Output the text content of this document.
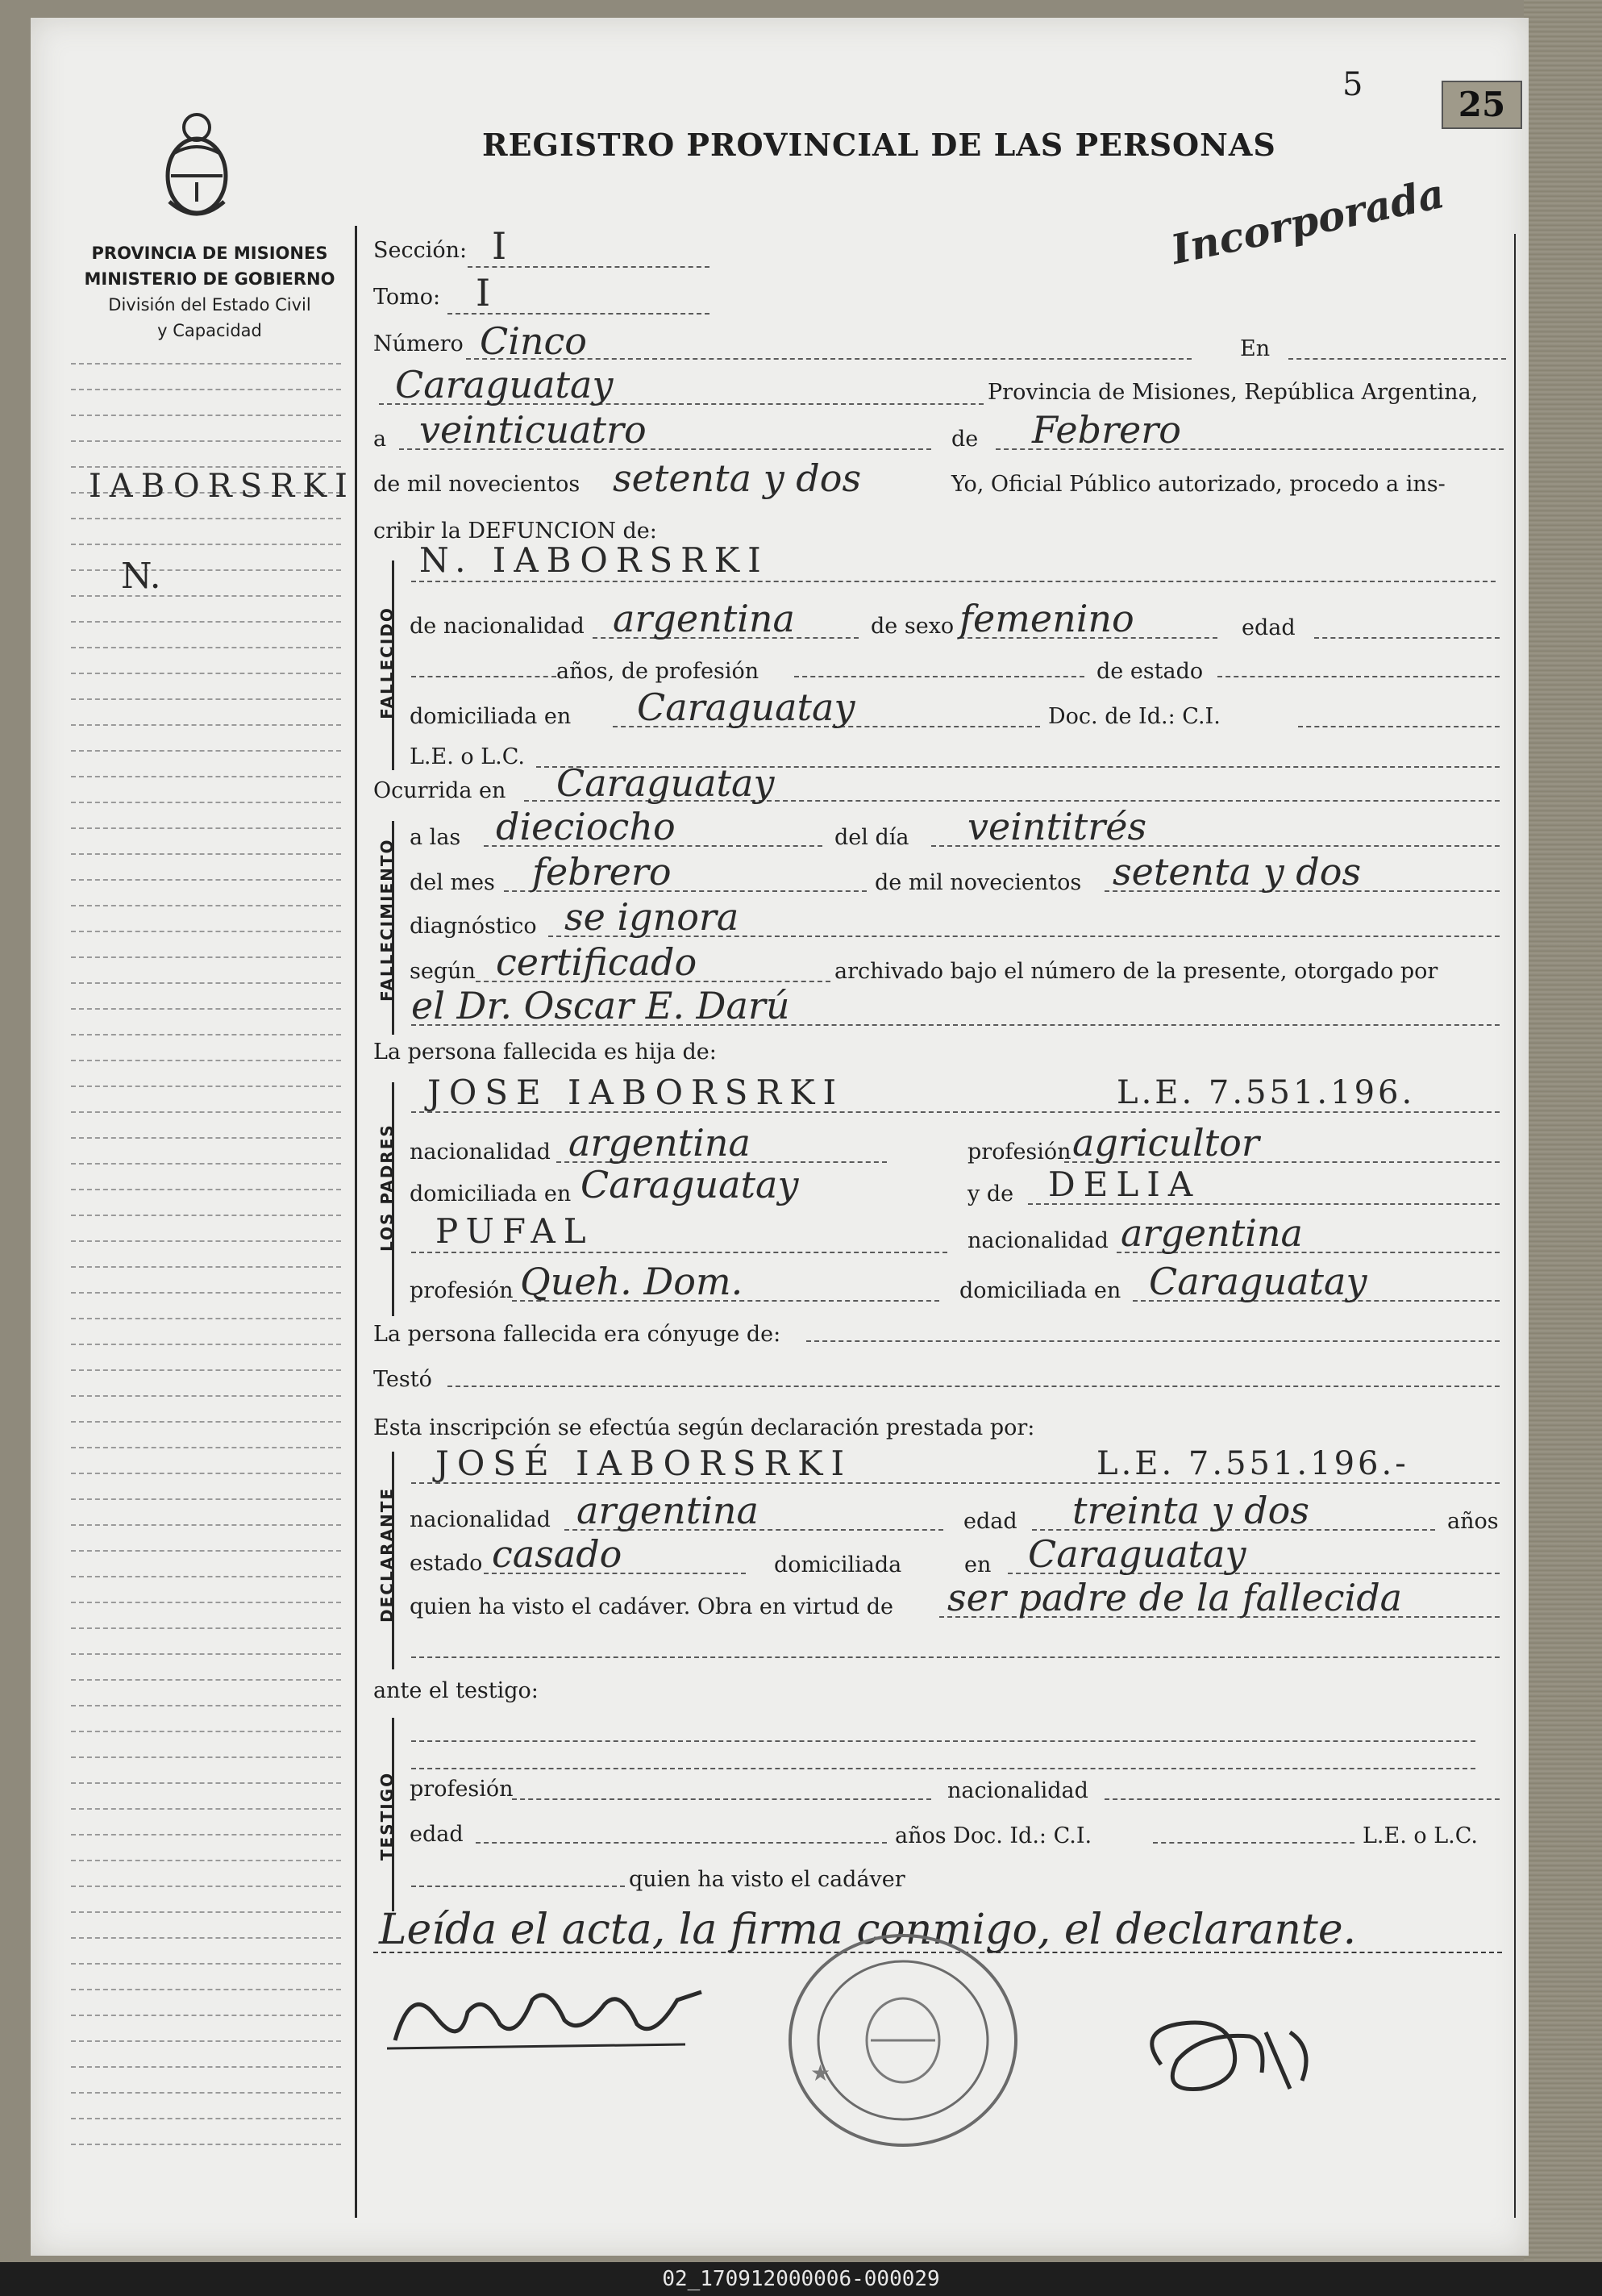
REGISTRO PROVINCIAL DE LAS PERSONAS
5	25
Incorporada
PROVINCIA DE MISIONES
MINISTERIO DE GOBIERNO
División del Estado Civil
y Capacidad
IABORSRKI
N.
Sección: I
Tomo: I
Número Cinco	En
Caraguatay	Provincia de Misiones, República Argentina,
a veinticuatro	de Febrero
de mil novecientos setenta y dos	Yo, Oficial Público autorizado, procedo a ins-
cribir la DEFUNCION de:
FALLECIDO
N. IABORSRKI
de nacionalidad argentina	de sexo femenino	edad
años, de profesión	de estado
domiciliada en Caraguatay	Doc. de Id.: C.I.
L.E. o L.C.
Ocurrida en Caraguatay
FALLECIMIENTO
a las dieciocho	del día veintitrés
del mes febrero	de mil novecientos setenta y dos
diagnóstico se ignora
según certificado	archivado bajo el número de la presente, otorgado por
el Dr. Oscar E. Darú
La persona fallecida es hija de:
LOS PADRES
JOSE IABORSRKI	L.E. 7.551.196.
nacionalidad argentina	profesión agricultor
domiciliada en Caraguatay	y de DELIA
PUFAL	nacionalidad argentina
profesión Queh. Dom.	domiciliada en Caraguatay
La persona fallecida era cónyuge de:
Testó
Esta inscripción se efectúa según declaración prestada por:
DECLARANTE
JOSÉ IABORSRKI	L.E. 7.551.196.-
nacionalidad argentina	edad treinta y dos	años
estado casado	domiciliada	en Caraguatay
quien ha visto el cadáver. Obra en virtud de ser padre de la fallecida
ante el testigo:
TESTIGO profesión	nacionalidad
edad	años Doc. Id.: C.I.	L.E. o L.C.
quien ha visto el cadáver
Leída el acta, la firma conmigo, el declarante.
★
02_170912000006-000029
